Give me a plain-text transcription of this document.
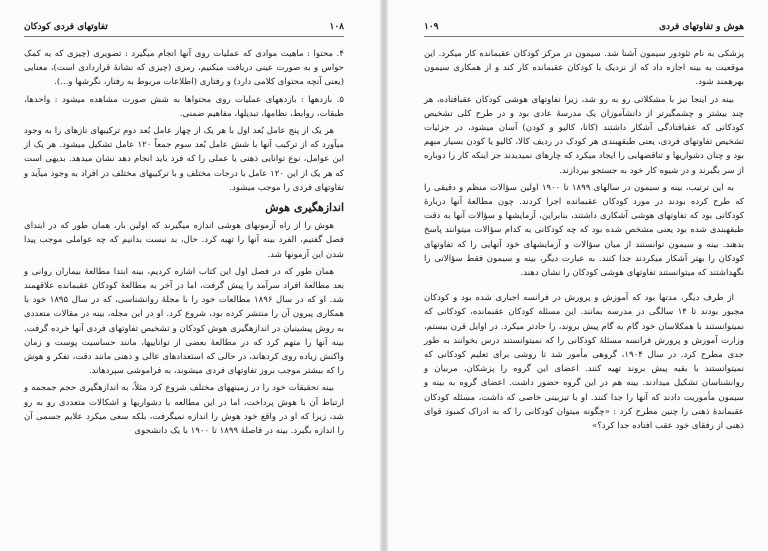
۱۰۸
تفاوتهای فردی کودکان

۴. محتوا : ماهیت موادی که عملیات روی آنها انجام میگیرد : تصویری (چیزی که به کمک حواس و به صورت عینی دریافت میکنیم، رمزی (چیزی که نشانهٔ قراردادی است)، معنایی (یعنی آنچه محتوای کلامی دارد) و رفتاری (اطلاعات مربوط به رفتار، نگرشها و...).

۵. بازدهها : بازدههای عملیات روی محتواها به شش صورت مشاهده میشود : واحدها، طبقات، روابط، نظامها، تبدیلها، مفاهیم ضمنی.

هر یک از پنج عامل بُعد اول با هر یک از چهار عامل بُعد دوم ترکیبهای تازهای را به وجود میآورد که از ترکیب آنها با شش عامل بُعد سوم جمعاً ۱۲۰ عامل تشکیل میشود. هر یک از این عوامل، نوع توانایی ذهنی یا عملی را که فرد باید انجام دهد نشان میدهد. بدیهی است که هر یک از این ۱۲۰ عامل با درجات مختلف و با ترکیبهای مختلف در افراد به وجود میآید و تفاوتهای فردی را موجب میشود.

اندازهگیری هوش

هوش را از راه آزمونهای هوشی اندازه میگیرند که اولین بار، همان طور که در ابتدای فصل گفتیم، الفرد بینه آنها را تهیه کرد. حال، بد نیست بدانیم که چه عواملی موجب پیدا شدن این آزمونها شد.

همان طور که در فصل اول این کتاب اشاره کردیم، بینه ابتدا مطالعهٔ بیماران روانی و بعد مطالعهٔ افراد سرآمد را پیش گرفت، اما در آخر به مطالعهٔ کودکان عقبمانده علاقهمند شد. او که در سال ۱۸۹۶ مطالعات خود را با مجلهٔ روانشناسی، که در سال ۱۸۹۵ خود با همکاری پیرون آن را منتشر کرده بود، شروع کرد. او در این مجله، بینه در مقالات متعددی به روش پیشینیان در اندازهگیری هوش کودکان و تشخیص تفاوتهای فردی آنها خرده گرفت. بینه آنها را متهم کرد که در مطالعهٔ بعضی از تواناییها، مانند حساسیت پوست و زمان واکنش زیاده روی کردهاند، در حالی که استعدادهای عالی و ذهنی مانند دقت، تفکر و هوش را که بیشتر موجب بروز تفاوتهای فردی میشوند، به فراموشی سپردهاند.

بینه تحقیقات خود را در زمینههای مختلف شروع کرد مثلاً، به اندازهگیری حجم جمجمه و ارتباط آن با هوش پرداخت، اما در این مطالعه با دشواریها و اشکالات متعددی رو به رو شد، زیرا که او در واقع خود هوش را اندازه نمیگرفت، بلکه سعی میکرد علایم جسمی آن را اندازه بگیرد. بینه در فاصلهٔ ۱۸۹۹ تا ۱۹۰۰ با یک دانشجوی

هوش و تفاوتهای فردی
۱۰۹

پزشکی به نام تئودور سیمون آشنا شد. سیمون در مرکز کودکان عقبمانده کار میکرد. این موقعیت به بینه اجازه داد که از نزدیک با کودکان عقبمانده کار کند و از همکاری سیمون بهرهمند شود.

بینه در اینجا نیز با مشکلاتی رو به رو شد، زیرا تفاوتهای هوشی کودکان عقبافتاده، هر چند بیشتر و چشمگیرتر از دانشآموزان یک مدرسهٔ عادی بود و در طرح کلی تشخیص کودکانی که عقبافتادگی آشکار داشتند (کانا، کالیو و کودن) آسان میشود، در جزئیات تشخیص تفاوتهای فردی، یعنی طبقهبندی هر کودک در ردیف کالا، کالیو یا کودن بسیار مبهم بود و چنان دشواریها و تناقضهایی را ایجاد میکرد که چارهای نمیدیدند جز اینکه کار را دوباره از سر بگیرند و در شیوه کار خود به جستجو بپردازند.

به این ترتیب، بینه و سیمون در سالهای ۱۸۹۹ تا ۱۹۰۰ اولین سؤالات منظم و دقیقی را که طرح کرده بودند در مورد کودکان عقبمانده اجرا کردند. چون مطالعهٔ آنها دربارهٔ کودکانی بود که تفاوتهای هوشی آشکاری داشتند، بنابراین، آزمایشها و سؤالات آنها به دقت طبقهبندی شده بود یعنی مشخص شده بود که چه کودکانی به کدام سؤالات میتوانند پاسخ بدهند. بینه و سیمون توانستند از میان سؤالات و آزمایشهای خود آنهایی را که تفاوتهای کودکان را بهتر آشکار میکردند جدا کنند. به عبارت دیگر، بینه و سیمون فقط سؤالاتی را نگهداشتند که میتوانستند تفاوتهای هوشی کودکان را نشان دهند.

از طرف دیگر، مدتها بود که آموزش و پرورش در فرانسه اجباری شده بود و کودکان مجبور بودند تا ۱۴ سالگی در مدرسه بمانند. این مسئله کودکان عقبمانده، کودکانی که نمیتوانستند با همکلاسان خود گام به گام پیش بروند، را حادتر میکرد. در اوایل قرن بیستم، وزارت آموزش و پرورش فرانسه مسئلهٔ کودکانی را که نمیتوانستند درس بخوانند به طور جدی مطرح کرد. در سال ۱۹۰۴، گروهی مأمور شد تا روشی برای تعلیم کودکانی که نمیتوانستند با بقیه پیش بروند تهیه کنند. اعضای این گروه را پزشکان، مربیان و روانشناسان تشکیل میدادند. بینه هم در این گروه حضور داشت. اعضای گروه به بینه و سیمون مأموریت دادند که آنها را جدا کنند. او با تیزبینی خاصی که داشت، مسئله کودکان عقبماندهٔ ذهنی را چنین مطرح کرد : «چگونه میتوان کودکانی را که به ادراک کمبود قوای ذهنی از رفقای خود عقب افتاده جدا کرد؟»
